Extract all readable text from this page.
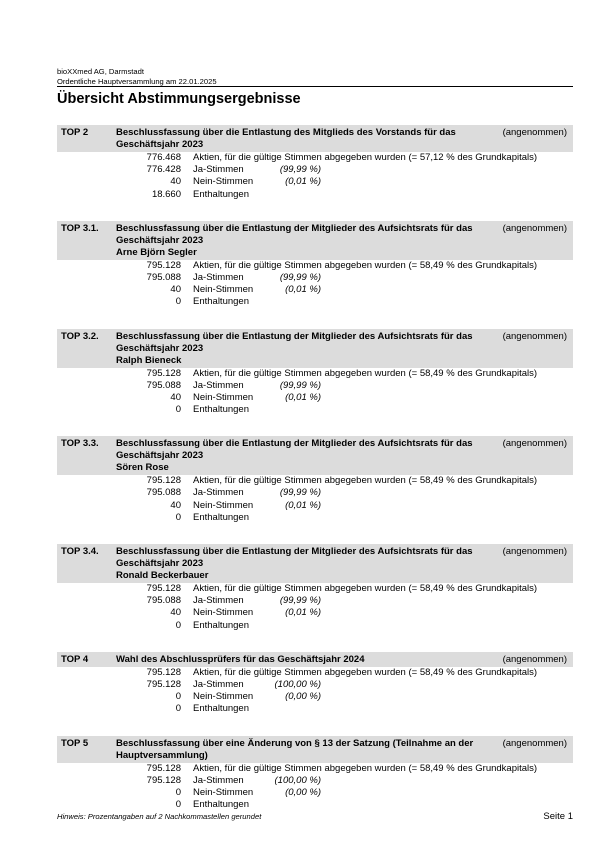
bioXXmed AG, Darmstadt
Ordentliche Hauptversammlung am 22.01.2025
Übersicht Abstimmungsergebnisse
TOP 2	Beschlussfassung über die Entlastung des Mitglieds des Vorstands für das Geschäftsjahr 2023
(angenommen)
776.468 Aktien, für die gültige Stimmen abgegeben wurden (= 57,12 % des Grundkapitals)
776.428 Ja-Stimmen	(99,99 %)
40 Nein-Stimmen	(0,01 %)
18.660 Enthaltungen
TOP 3.1. Beschlussfassung über die Entlastung der Mitglieder des Aufsichtsrats für das Geschäftsjahr 2023
Arne Björn Segler
(angenommen)
795.128 Aktien, für die gültige Stimmen abgegeben wurden (= 58,49 % des Grundkapitals)
795.088 Ja-Stimmen	(99,99 %)
40 Nein-Stimmen	(0,01 %)
0 Enthaltungen
TOP 3.2. Beschlussfassung über die Entlastung der Mitglieder des Aufsichtsrats für das Geschäftsjahr 2023
Ralph Bieneck
(angenommen)
795.128 Aktien, für die gültige Stimmen abgegeben wurden (= 58,49 % des Grundkapitals)
795.088 Ja-Stimmen	(99,99 %)
40 Nein-Stimmen	(0,01 %)
0 Enthaltungen
TOP 3.3. Beschlussfassung über die Entlastung der Mitglieder des Aufsichtsrats für das Geschäftsjahr 2023
Sören Rose
(angenommen)
795.128 Aktien, für die gültige Stimmen abgegeben wurden (= 58,49 % des Grundkapitals)
795.088 Ja-Stimmen	(99,99 %)
40 Nein-Stimmen	(0,01 %)
0 Enthaltungen
TOP 3.4. Beschlussfassung über die Entlastung der Mitglieder des Aufsichtsrats für das Geschäftsjahr 2023
Ronald Beckerbauer
(angenommen)
795.128 Aktien, für die gültige Stimmen abgegeben wurden (= 58,49 % des Grundkapitals)
795.088 Ja-Stimmen	(99,99 %)
40 Nein-Stimmen	(0,01 %)
0 Enthaltungen
TOP 4	Wahl des Abschlussprüfers für das Geschäftsjahr 2024	(angenommen)
795.128 Aktien, für die gültige Stimmen abgegeben wurden (= 58,49 % des Grundkapitals)
795.128 Ja-Stimmen	(100,00 %)
0 Nein-Stimmen	(0,00 %)
0 Enthaltungen
TOP 5	Beschlussfassung über eine Änderung von § 13 der Satzung (Teilnahme an der Hauptversammlung)
(angenommen)
795.128 Aktien, für die gültige Stimmen abgegeben wurden (= 58,49 % des Grundkapitals)
795.128 Ja-Stimmen	(100,00 %)
0 Nein-Stimmen	(0,00 %)
0 Enthaltungen
Hinweis: Prozentangaben auf 2 Nachkommastellen gerundet	Seite 1
